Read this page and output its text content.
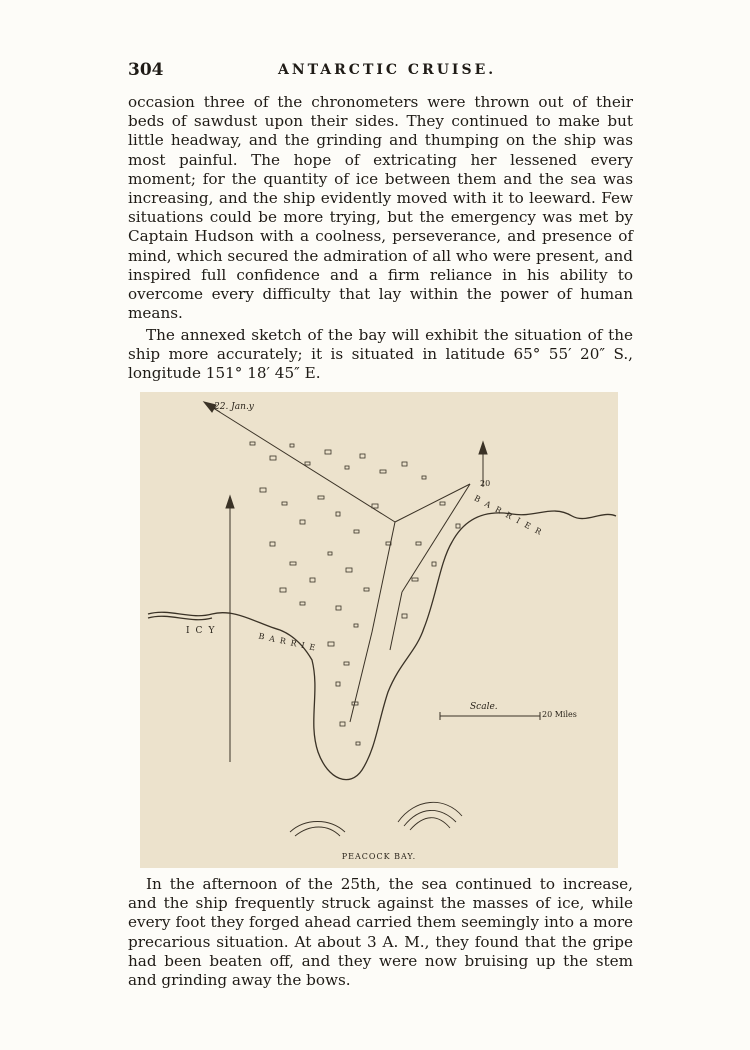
304	ANTARCTIC CRUISE.

occasion three of the chronometers were thrown out of their beds of sawdust upon their sides. They continued to make but little headway, and the grinding and thumping on the ship was most painful. The hope of extricating her lessened every moment; for the quantity of ice between them and the sea was increasing, and the ship evidently moved with it to leeward. Few situations could be more trying, but the emergency was met by Captain Hudson with a coolness, perseverance, and presence of mind, which secured the admiration of all who were present, and inspired full confidence and a firm reliance in his ability to overcome every difficulty that lay within the power of human means.

The annexed sketch of the bay will exhibit the situation of the ship more accurately; it is situated in latitude 65° 55′ 20″ S., longitude 151° 18′ 45″ E.

22. Jan.y
20
Scale.
20 Miles
ICY
BARRIE
BARRIER
PEACOCK BAY.

In the afternoon of the 25th, the sea continued to increase, and the ship frequently struck against the masses of ice, while every foot they forged ahead carried them seemingly into a more precarious situation. At about 3 A. M., they found that the gripe had been beaten off, and they were now bruising up the stem and grinding away the bows.
